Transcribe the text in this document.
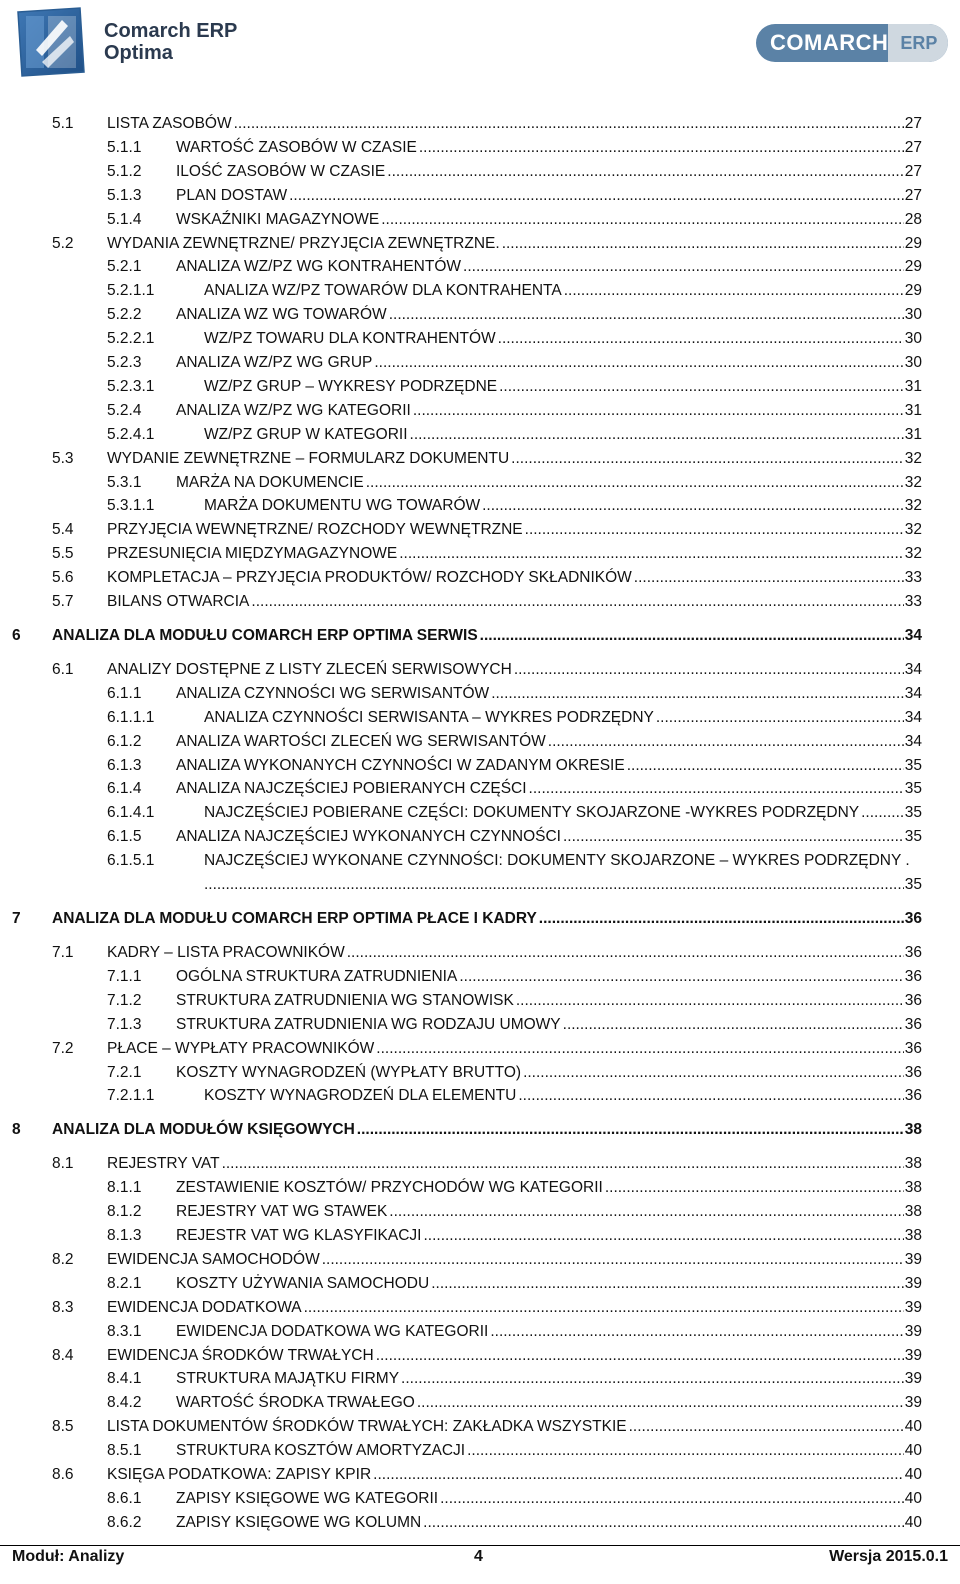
Comarch ERP
Optima	COMARCH ERP
5.1 LISTA ZASOBÓW .....	27
5.1.1 WARTOŚĆ ZASOBÓW W CZASIE .....	27
5.1.2 ILOŚĆ ZASOBÓW W CZASIE .....	27
5.1.3 PLAN DOSTAW .....	27
5.1.4 WSKAŹNIKI MAGAZYNOWE .....	28
5.2 WYDANIA ZEWNĘTRZNE/ PRZYJĘCIA ZEWNĘTRZNE. .....	29
5.2.1 ANALIZA WZ/PZ WG KONTRAHENTÓW .....	29
5.2.1.1	ANALIZA WZ/PZ TOWARÓW DLA KONTRAHENTA .....	29
5.2.2 ANALIZA WZ WG TOWARÓW .....	30
5.2.2.1	WZ/PZ TOWARU DLA KONTRAHENTÓW .....	30
5.2.3 ANALIZA WZ/PZ WG GRUP .....	30
5.2.3.1	WZ/PZ GRUP – WYKRESY PODRZĘDNE .....	31
5.2.4 ANALIZA WZ/PZ WG KATEGORII .....	31
5.2.4.1	WZ/PZ GRUP W KATEGORII .....	31
5.3 WYDANIE ZEWNĘTRZNE – FORMULARZ DOKUMENTU .....	32
5.3.1 MARŻA NA DOKUMENCIE .....	32
5.3.1.1	MARŻA DOKUMENTU WG TOWARÓW .....	32
5.4 PRZYJĘCIA WEWNĘTRZNE/ ROZCHODY WEWNĘTRZNE .....	32
5.5 PRZESUNIĘCIA MIĘDZYMAGAZYNOWE .....	32
5.6 KOMPLETACJA – PRZYJĘCIA PRODUKTÓW/ ROZCHODY SKŁADNIKÓW .....	33
5.7 BILANS OTWARCIA .....	33
6 ANALIZA DLA MODUŁU COMARCH ERP OPTIMA SERWIS .....	34
6.1 ANALIZY DOSTĘPNE Z LISTY ZLECEŃ SERWISOWYCH .....	34
6.1.1 ANALIZA CZYNNOŚCI WG SERWISANTÓW .....	34
6.1.1.1	ANALIZA CZYNNOŚCI SERWISANTA – WYKRES PODRZĘDNY .....	34
6.1.2 ANALIZA WARTOŚCI ZLECEŃ WG SERWISANTÓW .....	34
6.1.3 ANALIZA WYKONANYCH CZYNNOŚCI W ZADANYM OKRESIE .....	35
6.1.4 ANALIZA NAJCZĘŚCIEJ POBIERANYCH CZĘŚCI .....	35
6.1.4.1	NAJCZĘŚCIEJ POBIERANE CZĘŚCI: DOKUMENTY SKOJARZONE -WYKRES PODRZĘDNY .....	35
6.1.5 ANALIZA NAJCZĘŚCIEJ WYKONANYCH CZYNNOŚCI .....	35
6.1.5.1	NAJCZĘŚCIEJ WYKONANE CZYNNOŚCI: DOKUMENTY SKOJARZONE – WYKRES PODRZĘDNY .
.....
35
7 ANALIZA DLA MODUŁU COMARCH ERP OPTIMA PŁACE I KADRY .....	36
7.1 KADRY – LISTA PRACOWNIKÓW .....	36
7.1.1 OGÓLNA STRUKTURA ZATRUDNIENIA .....	36
7.1.2 STRUKTURA ZATRUDNIENIA WG STANOWISK .....	36
7.1.3 STRUKTURA ZATRUDNIENIA WG RODZAJU UMOWY .....	36
7.2 PŁACE – WYPŁATY PRACOWNIKÓW .....	36
7.2.1 KOSZTY WYNAGRODZEŃ (WYPŁATY BRUTTO) .....	36
7.2.1.1	KOSZTY WYNAGRODZEŃ DLA ELEMENTU .....	36
8 ANALIZA DLA MODUŁÓW KSIĘGOWYCH .....	38
8.1 REJESTRY VAT .....	38
8.1.1 ZESTAWIENIE KOSZTÓW/ PRZYCHODÓW WG KATEGORII .....	38
8.1.2 REJESTRY VAT WG STAWEK .....	38
8.1.3 REJESTR VAT WG KLASYFIKACJI .....	38
8.2 EWIDENCJA SAMOCHODÓW .....	39
8.2.1 KOSZTY UŻYWANIA SAMOCHODU .....	39
8.3 EWIDENCJA DODATKOWA .....	39
8.3.1 EWIDENCJA DODATKOWA WG KATEGORII .....	39
8.4 EWIDENCJA ŚRODKÓW TRWAŁYCH .....	39
8.4.1 STRUKTURA MAJĄTKU FIRMY .....	39
8.4.2 WARTOŚĆ ŚRODKA TRWAŁEGO .....	39
8.5 LISTA DOKUMENTÓW ŚRODKÓW TRWAŁYCH: ZAKŁADKA WSZYSTKIE .....	40
8.5.1 STRUKTURA KOSZTÓW AMORTYZACJI .....	40
8.6 KSIĘGA PODATKOWA: ZAPISY KPIR .....	40
8.6.1 ZAPISY KSIĘGOWE WG KATEGORII .....	40
8.6.2 ZAPISY KSIĘGOWE WG KOLUMN .....	40
Moduł: Analizy	4	Wersja 2015.0.1
